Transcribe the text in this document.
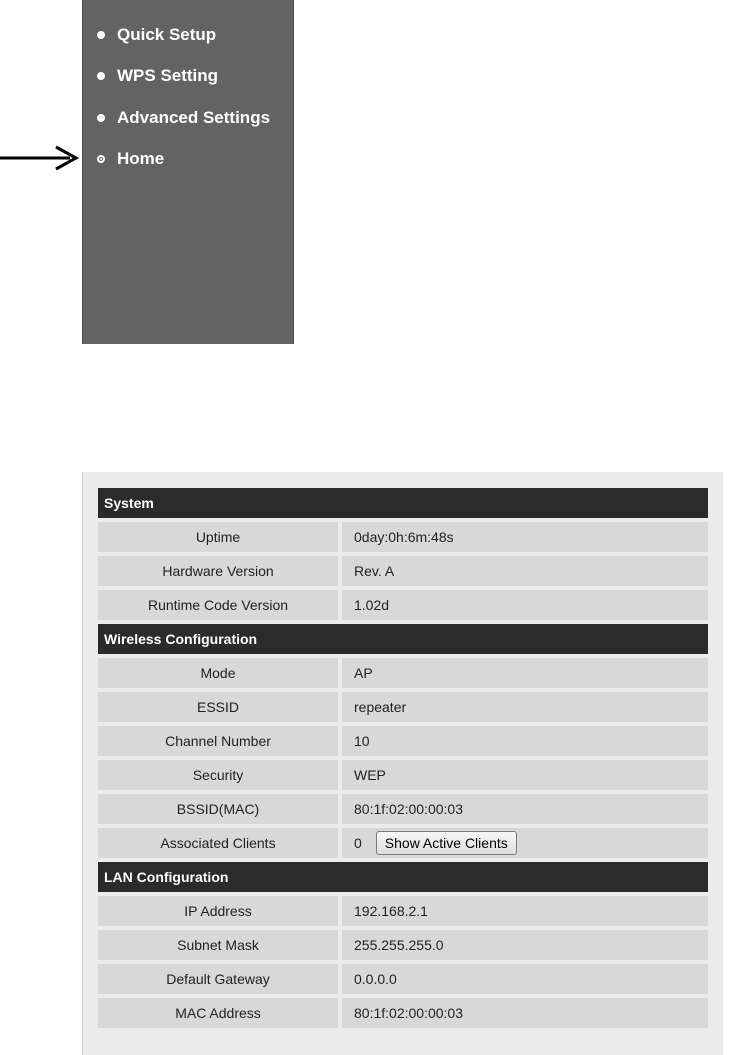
Quick Setup
WPS Setting
Advanced Settings
Home
System
Uptime	0day:0h:6m:48s
Hardware Version	Rev. A
Runtime Code Version	1.02d
Wireless Configuration
Mode	AP
ESSID	repeater
Channel Number	10
Security	WEP
BSSID(MAC)	80:1f:02:00:00:03
Associated Clients	0	Show Active Clients
LAN Configuration
IP Address	192.168.2.1
Subnet Mask	255.255.255.0
Default Gateway	0.0.0.0
MAC Address	80:1f:02:00:00:03
